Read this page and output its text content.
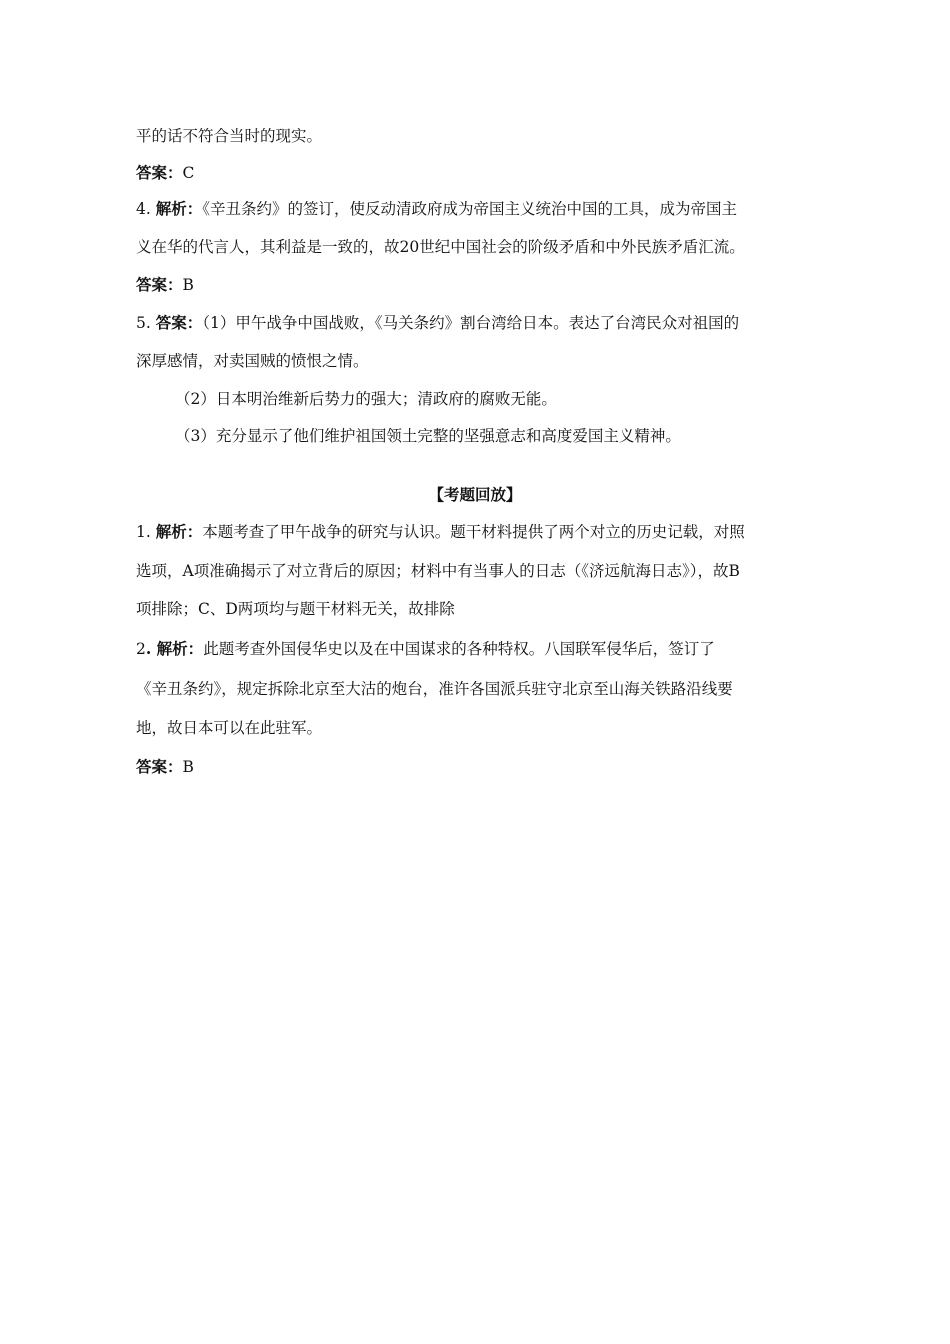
平的话不符合当时的现实。
答案：C
4. 解析：《辛丑条约》的签订，使反动清政府成为帝国主义统治中国的工具，成为帝国主
义在华的代言人，其利益是一致的，故20世纪中国社会的阶级矛盾和中外民族矛盾汇流。
答案：B
5. 答案：（1）甲午战争中国战败，《马关条约》割台湾给日本。表达了台湾民众对祖国的
深厚感情，对卖国贼的愤恨之情。
（2）日本明治维新后势力的强大；清政府的腐败无能。
（3）充分显示了他们维护祖国领土完整的坚强意志和高度爱国主义精神。
【考题回放】
1. 解析：本题考查了甲午战争的研究与认识。题干材料提供了两个对立的历史记载，对照
选项，A项准确揭示了对立背后的原因；材料中有当事人的日志（《济远航海日志》），故B
项排除；C、D两项均与题干材料无关，故排除
2. 解析：此题考查外国侵华史以及在中国谋求的各种特权。八国联军侵华后，签订了
《辛丑条约》，规定拆除北京至大沽的炮台，准许各国派兵驻守北京至山海关铁路沿线要
地，故日本可以在此驻军。
答案：B
